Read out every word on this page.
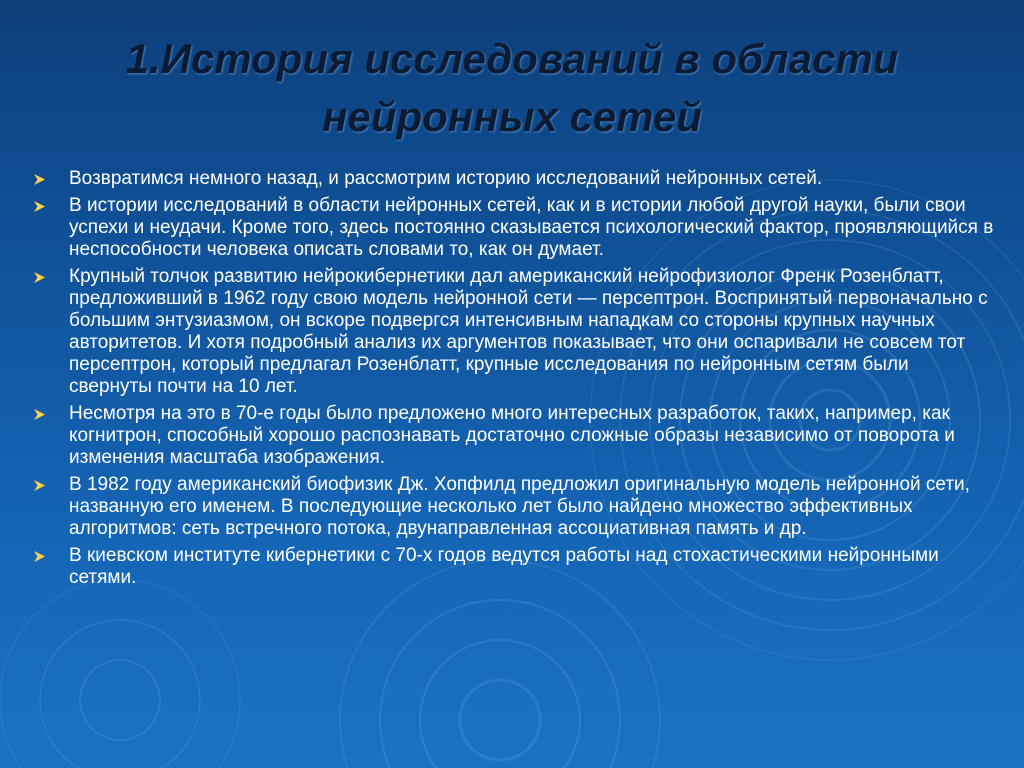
1.История исследований в области нейронных сетей
Возвратимся немного назад, и рассмотрим историю исследований нейронных сетей.
В истории исследований в области нейронных сетей, как и в истории любой другой науки, были свои успехи и неудачи. Кроме того, здесь постоянно сказывается психологический фактор, проявляющийся в неспособности человека описать словами то, как он думает.
Крупный толчок развитию нейрокибернетики дал американский нейрофизиолог Френк Розенблатт, предложивший в 1962 году свою модель нейронной сети — персептрон. Воспринятый первоначально с большим энтузиазмом, он вскоре подвергся интенсивным нападкам со стороны крупных научных авторитетов. И хотя подробный анализ их аргументов показывает, что они оспаривали не совсем тот персептрон, который предлагал Розенблатт, крупные исследования по нейронным сетям были свернуты почти на 10 лет.
Несмотря на это в 70-е годы было предложено много интересных разработок, таких, например, как когнитрон, способный хорошо распознавать достаточно сложные образы независимо от поворота и изменения масштаба изображения.
В 1982 году американский биофизик Дж. Хопфилд предложил оригинальную модель нейронной сети, названную его именем. В последующие несколько лет было найдено множество эффективных алгоритмов: сеть встречного потока, двунаправленная ассоциативная память и др.
В киевском институте кибернетики с 70-х годов ведутся работы над стохастическими нейронными сетями.
